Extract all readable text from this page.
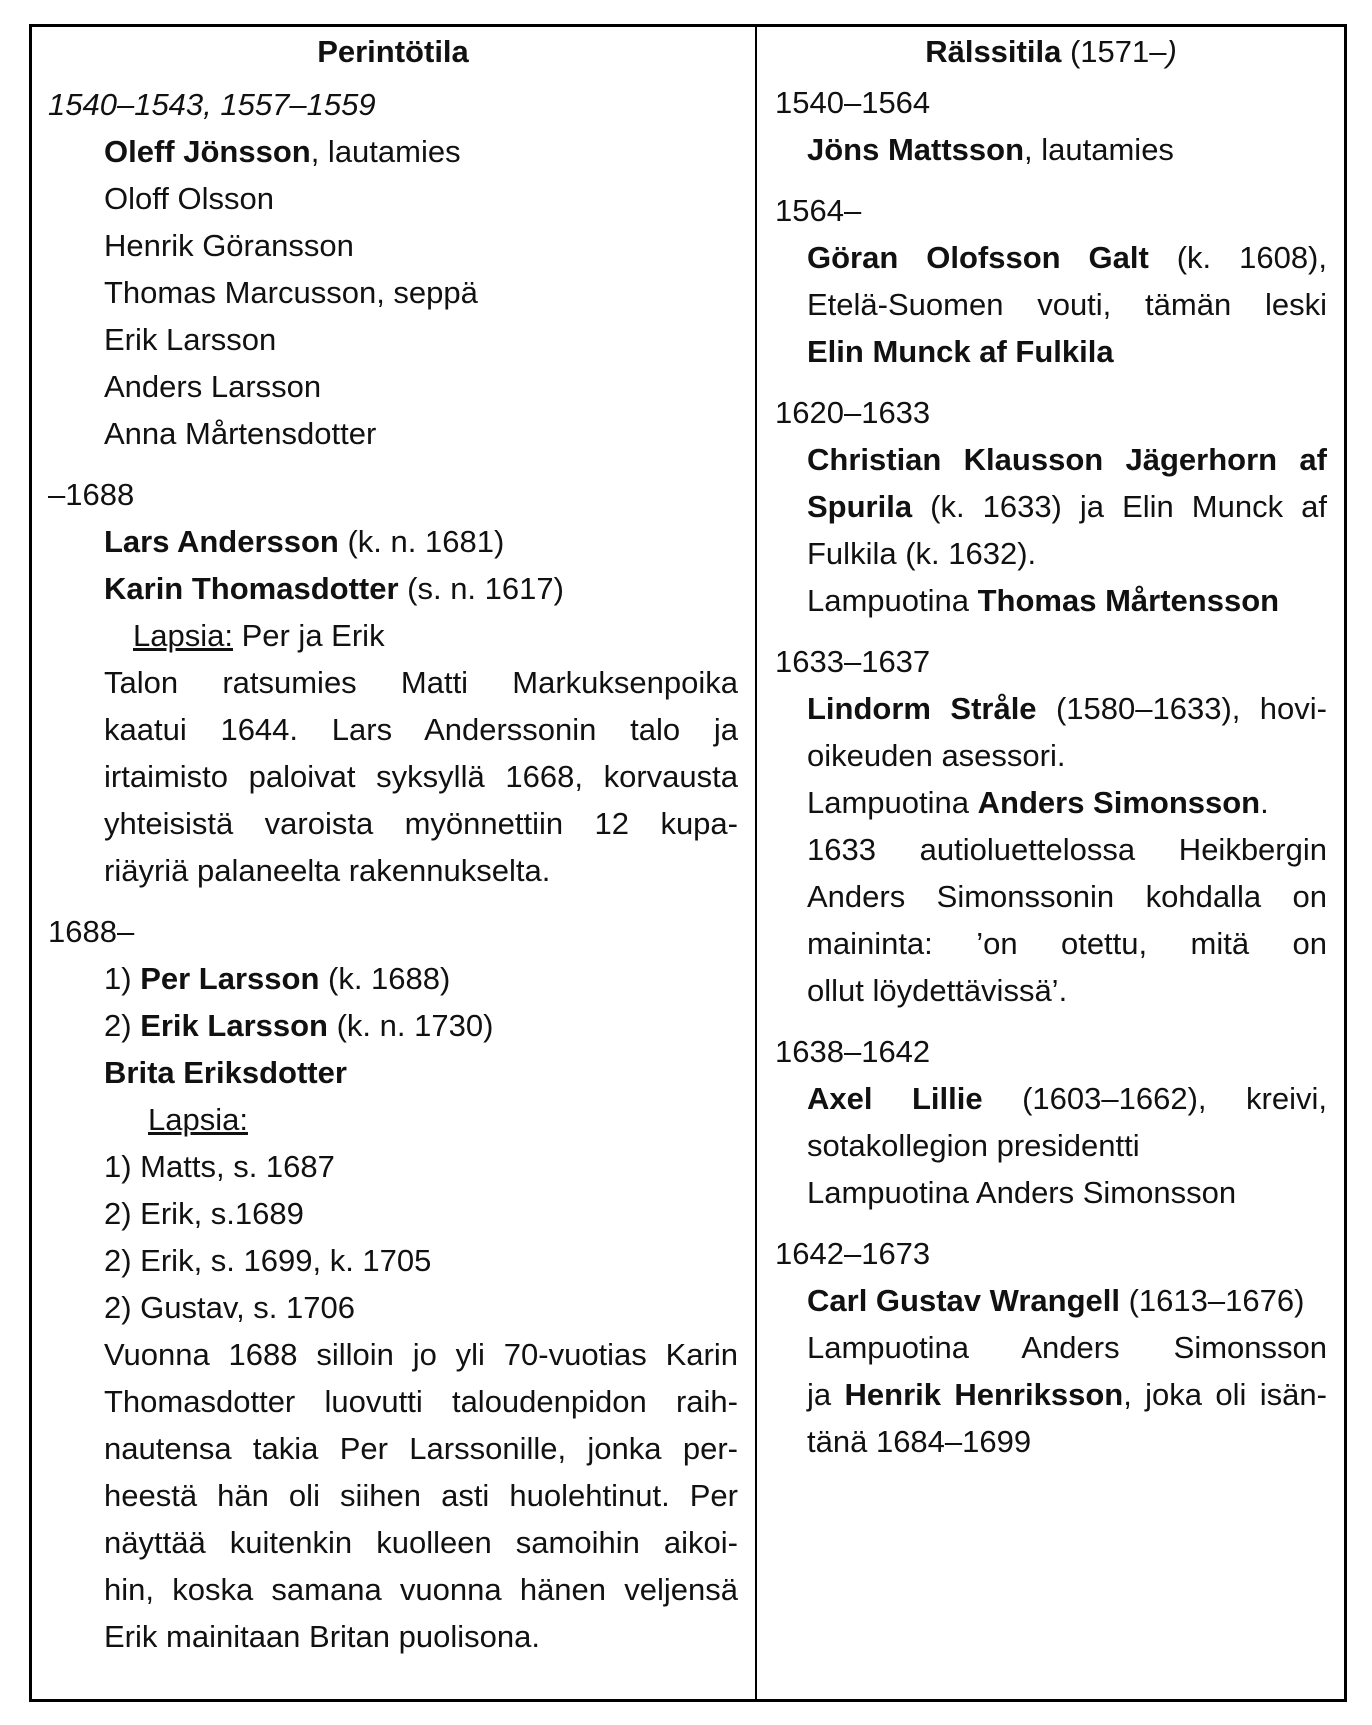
Perintötila
1540–1543, 1557–1559
Oleff Jönsson, lautamies
Oloff Olsson
Henrik Göransson
Thomas Marcusson, seppä
Erik Larsson
Anders Larsson
Anna Mårtensdotter
–1688
Lars Andersson (k. n. 1681)
Karin Thomasdotter (s. n. 1617)
Lapsia: Per ja Erik
Talon ratsumies Matti Markuksenpoika
kaatui 1644. Lars Anderssonin talo ja
irtaimisto paloivat syksyllä 1668, korvausta
yhteisistä varoista myönnettiin 12 kupa-
riäyriä palaneelta rakennukselta.
1688–
1) Per Larsson (k. 1688)
2) Erik Larsson (k. n. 1730)
Brita Eriksdotter
Lapsia:
1) Matts, s. 1687
2) Erik, s.1689
2) Erik, s. 1699, k. 1705
2) Gustav, s. 1706
Vuonna 1688 silloin jo yli 70-vuotias Karin
Thomasdotter luovutti taloudenpidon raih-
nautensa takia Per Larssonille, jonka per-
heestä hän oli siihen asti huolehtinut. Per
näyttää kuitenkin kuolleen samoihin aikoi-
hin, koska samana vuonna hänen veljensä
Erik mainitaan Britan puolisona.
Rälssitila (1571–)
1540–1564
Jöns Mattsson, lautamies
1564–
Göran Olofsson Galt (k. 1608),
Etelä-Suomen vouti, tämän leski
Elin Munck af Fulkila
1620–1633
Christian Klausson Jägerhorn af
Spurila (k. 1633) ja Elin Munck af
Fulkila (k. 1632).
Lampuotina Thomas Mårtensson
1633–1637
Lindorm Stråle (1580–1633), hovi-
oikeuden asessori.
Lampuotina Anders Simonsson.
1633 autioluettelossa Heikbergin
Anders Simonssonin kohdalla on
maininta: ’on otettu, mitä on
ollut löydettävissä’.
1638–1642
Axel Lillie (1603–1662), kreivi,
sotakollegion presidentti
Lampuotina Anders Simonsson
1642–1673
Carl Gustav Wrangell (1613–1676)
Lampuotina Anders Simonsson
ja Henrik Henriksson, joka oli isän-
tänä 1684–1699
